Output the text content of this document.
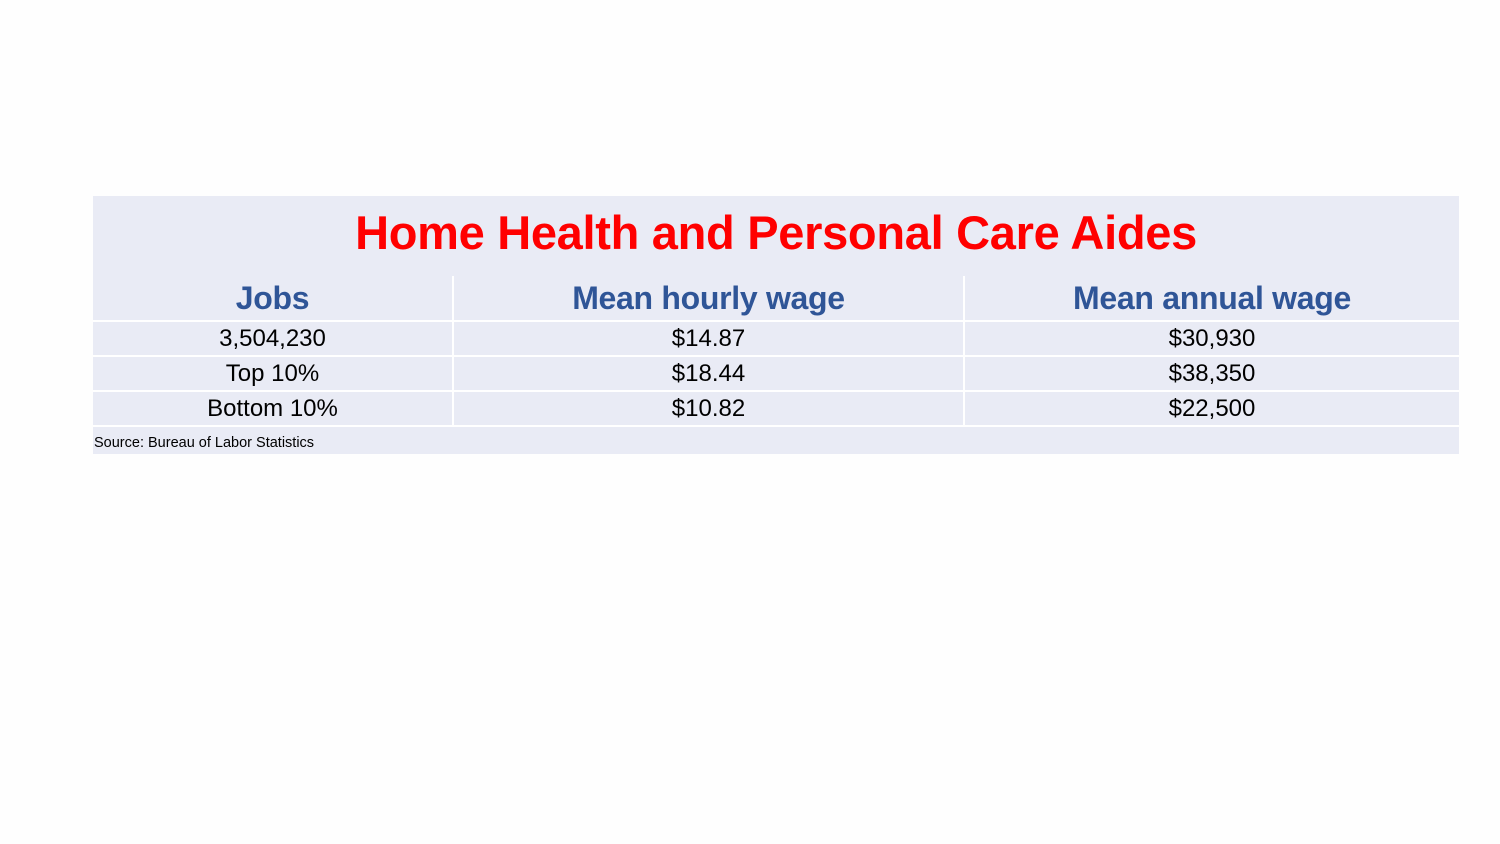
Home Health and Personal Care Aides
Jobs	Mean hourly wage	Mean annual wage
3,504,230	$14.87	$30,930
Top 10%	$18.44	$38,350
Bottom 10%	$10.82	$22,500
Source: Bureau of Labor Statistics
